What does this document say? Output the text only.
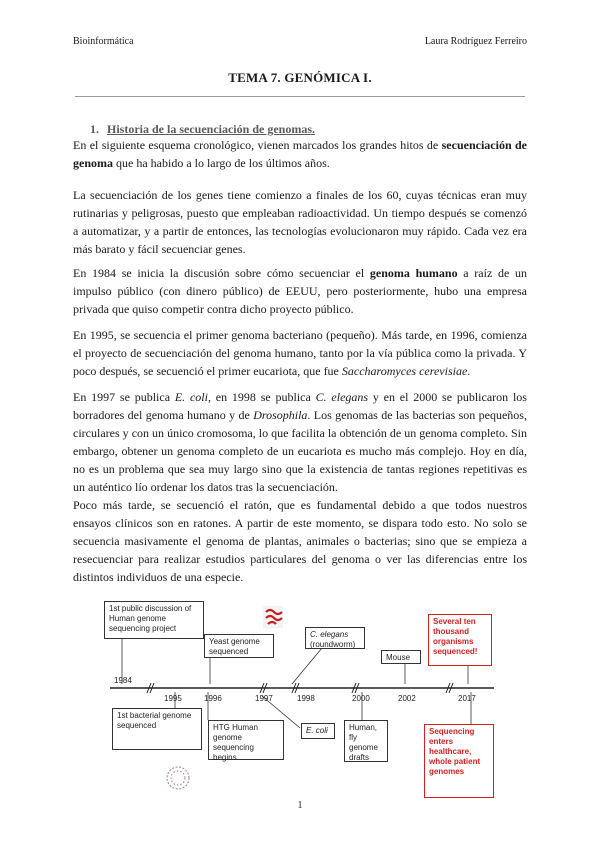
Bioinformática	Laura Rodríguez Ferreiro
TEMA 7. GENÓMICA I.
1. Historia de la secuenciación de genomas.

En el siguiente esquema cronológico, vienen marcados los grandes hitos de secuenciación de genoma que ha habido a lo largo de los últimos años.

La secuenciación de los genes tiene comienzo a finales de los 60, cuyas técnicas eran muy rutinarias y peligrosas, puesto que empleaban radioactividad. Un tiempo después se comenzó a automatizar, y a partir de entonces, las tecnologías evolucionaron muy rápido. Cada vez era más barato y fácil secuenciar genes.

En 1984 se inicia la discusión sobre cómo secuenciar el genoma humano a raíz de un impulso público (con dinero público) de EEUU, pero posteriormente, hubo una empresa privada que quiso competir contra dicho proyecto público.

En 1995, se secuencia el primer genoma bacteriano (pequeño). Más tarde, en 1996, comienza el proyecto de secuenciación del genoma humano, tanto por la vía pública como la privada. Y poco después, se secuenció el primer eucariota, que fue Saccharomyces cerevisiae.

En 1997 se publica E. coli, en 1998 se publica C. elegans y en el 2000 se publicaron los borradores del genoma humano y de Drosophila. Los genomas de las bacterias son pequeños, circulares y con un único cromosoma, lo que facilita la obtención de un genoma completo. Sin embargo, obtener un genoma completo de un eucariota es mucho más complejo. Hoy en día, no es un problema que sea muy largo sino que la existencia de tantas regiones repetitivas es un auténtico lío ordenar los datos tras la secuenciación.

Poco más tarde, se secuenció el ratón, que es fundamental debido a que todos nuestros ensayos clínicos son en ratones. A partir de este momento, se dispara todo esto. No solo se secuencia masivamente el genoma de plantas, animales o bacterias; sino que se empieza a resecuenciar para realizar estudios particulares del genoma o ver las diferencias entre los distintos individuos de una especie.

1st public discussion of Human genome sequencing project
Yeast genome sequenced
C. elegans
(roundworm)
Mouse
Several ten thousand organisms sequenced!
1984
1995	1996	1997	1998	2000	2002	2017
1st bacterial genome sequenced	HTG Human genome sequencing begins
E. coli	Human, fly genome drafts
Sequencing enters healthcare, whole patient genomes
1
